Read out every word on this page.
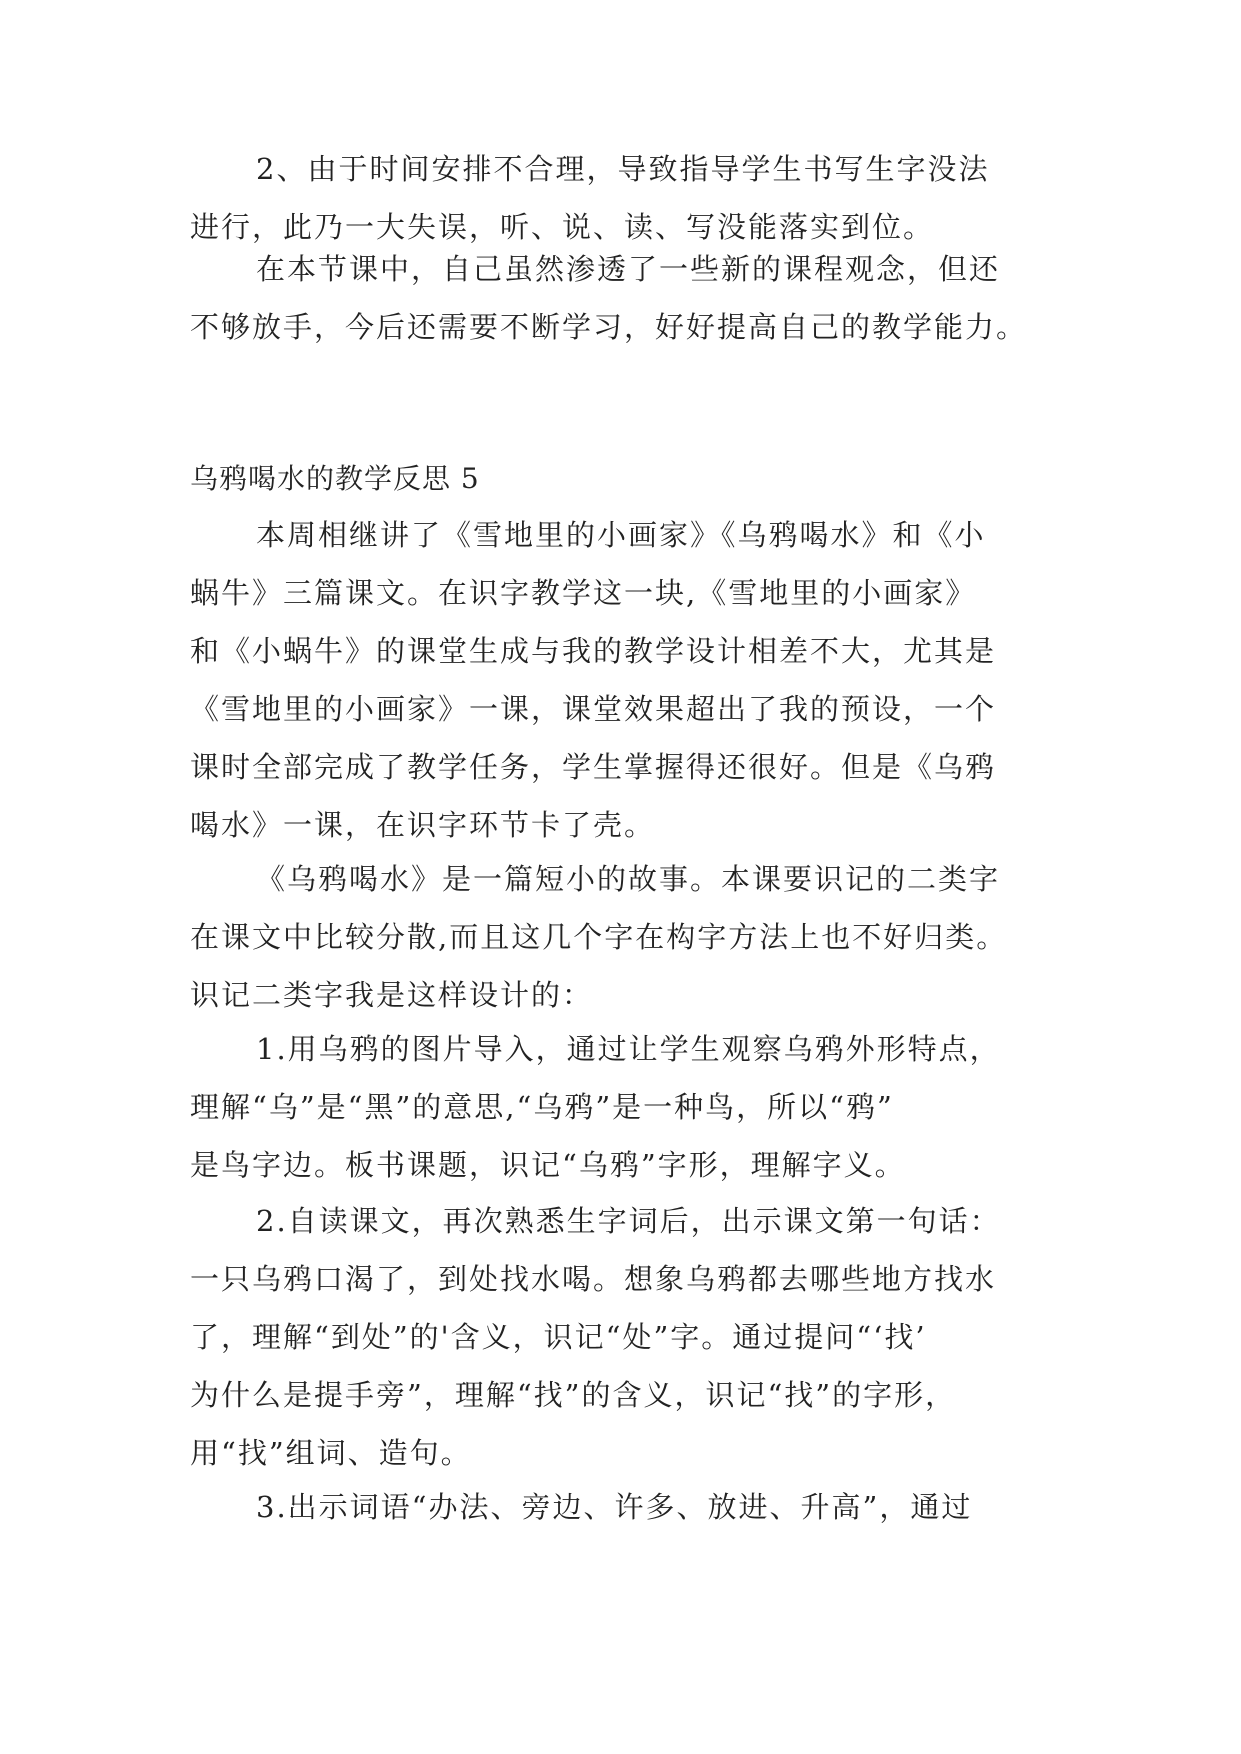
2、由于时间安排不合理，导致指导学生书写生字没法
进行，此乃一大失误，听、说、读、写没能落实到位。
在本节课中，自己虽然渗透了一些新的课程观念，但还
不够放手，今后还需要不断学习，好好提高自己的教学能力。
乌鸦喝水的教学反思 5
本周相继讲了《雪地里的小画家》《乌鸦喝水》和《小
蜗牛》三篇课文。在识字教学这一块,《雪地里的小画家》
和《小蜗牛》的课堂生成与我的教学设计相差不大，尤其是
《雪地里的小画家》一课，课堂效果超出了我的预设，一个
课时全部完成了教学任务，学生掌握得还很好。但是《乌鸦
喝水》一课，在识字环节卡了壳。
《乌鸦喝水》是一篇短小的故事。本课要识记的二类字
在课文中比较分散,而且这几个字在构字方法上也不好归类。
识记二类字我是这样设计的：
1.用乌鸦的图片导入，通过让学生观察乌鸦外形特点，
理解“乌”是“黑”的意思,“乌鸦”是一种鸟，所以“鸦”
是鸟字边。板书课题，识记“乌鸦”字形，理解字义。
2.自读课文，再次熟悉生字词后，出示课文第一句话：
一只乌鸦口渴了，到处找水喝。想象乌鸦都去哪些地方找水
了，理解“到处”的'含义，识记“处”字。通过提问“‘找’
为什么是提手旁”，理解“找”的含义，识记“找”的字形，
用“找”组词、造句。
3.出示词语“办法、旁边、许多、放进、升高”，通过
